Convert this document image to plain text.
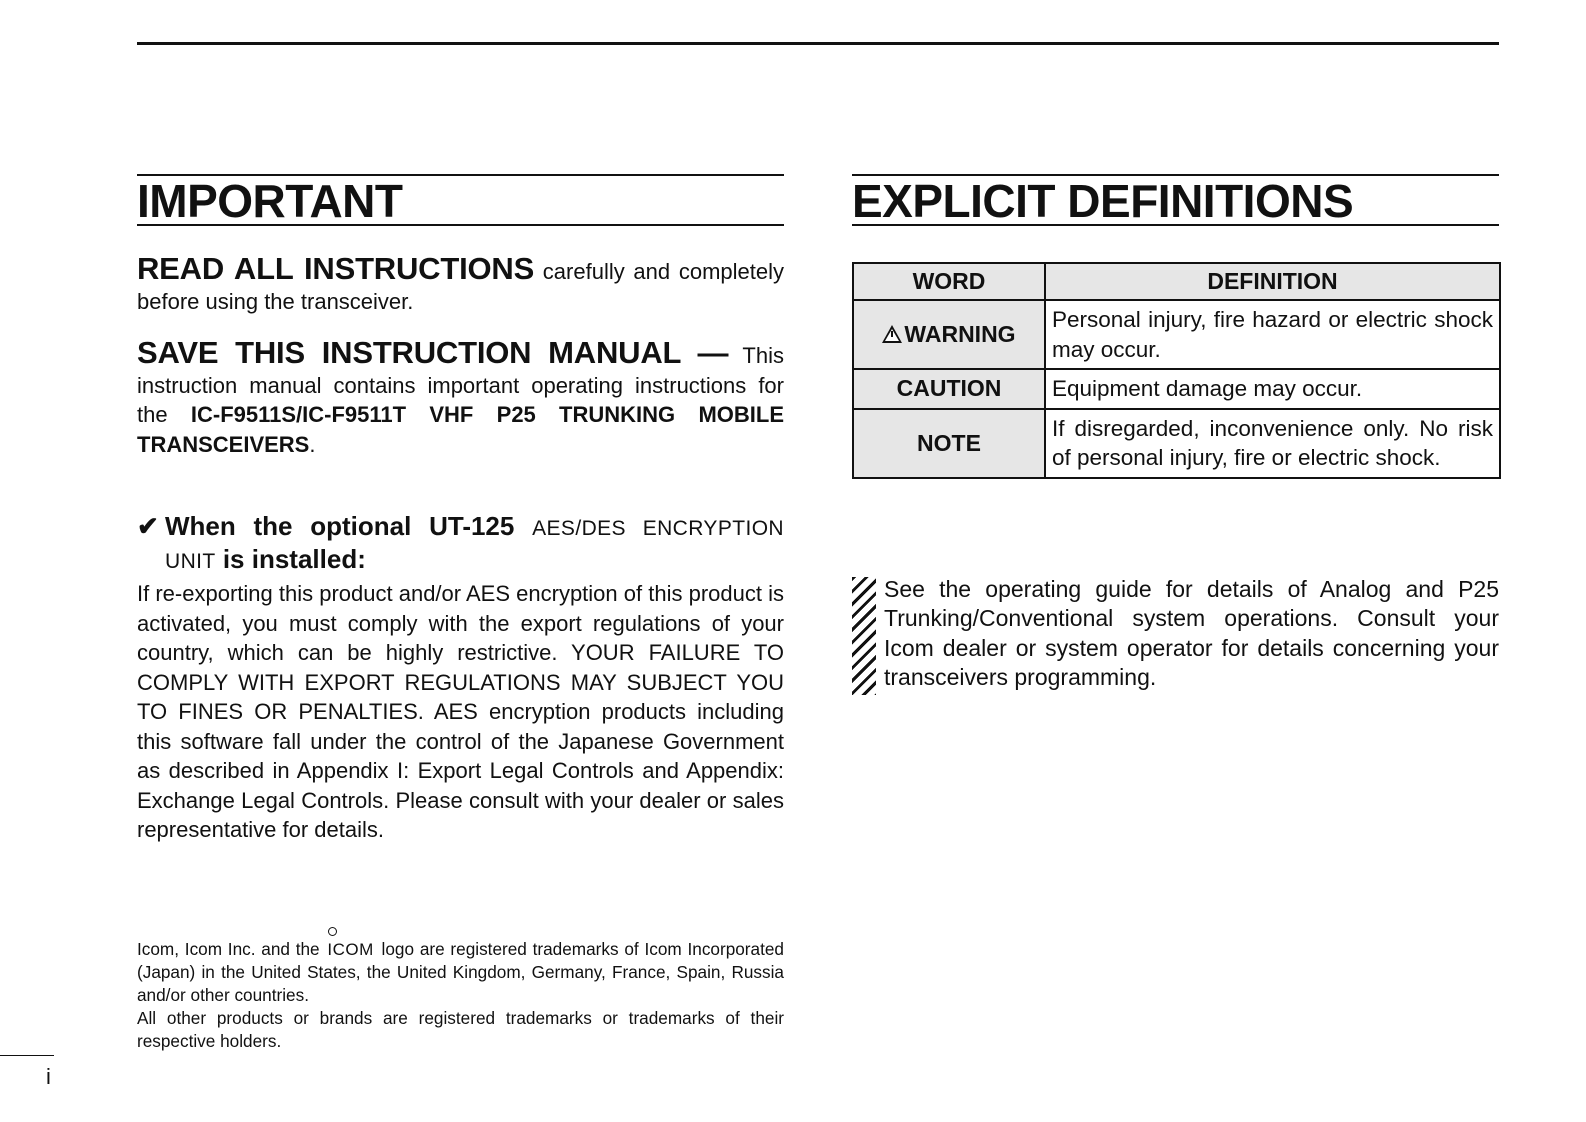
IMPORTANT

READ ALL INSTRUCTIONS carefully and completely before using the transceiver.

SAVE THIS INSTRUCTION MANUAL — This instruction manual contains important operating instructions for the IC-F9511S/IC-F9511T VHF P25 TRUNKING MOBILE TRANSCEIVERS.

✔ When the optional UT-125 AES/DES ENCRYPTION UNIT is installed:

If re-exporting this product and/or AES encryption of this product is activated, you must comply with the export regulations of your country, which can be highly restrictive. YOUR FAILURE TO COMPLY WITH EXPORT REGULATIONS MAY SUBJECT YOU TO FINES OR PENALTIES. AES encryption products including this software fall under the control of the Japanese Government as described in Appendix I: Export Legal Controls and Appendix: Exchange Legal Controls. Please consult with your dealer or sales representative for details.

Icom, Icom Inc. and the
ICOM logo are registered trademarks of Icom Incorporated (Japan) in the United States, the United Kingdom, Germany, France, Spain, Russia and/or other countries.

All other products or brands are registered trademarks or trademarks of their respective holders.

EXPLICIT DEFINITIONS
WORD	DEFINITION
WARNING	Personal injury, fire hazard or electric shock may occur.
CAUTION	Equipment damage may occur.
NOTE	If disregarded, inconvenience only. No risk of personal injury, fire or electric shock.

See the operating guide for details of Analog and P25 Trunking/Conventional system operations. Consult your Icom dealer or system operator for details concerning your transceivers programming.

i
